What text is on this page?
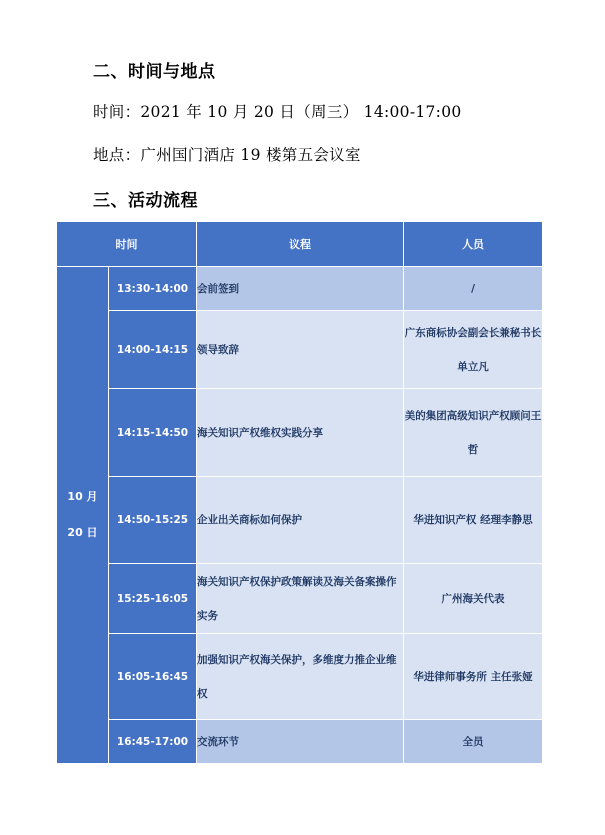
二、时间与地点
时间：2021 年 10 月 20 日（周三） 14:00-17:00
地点：广州国门酒店 19 楼第五会议室
三、活动流程
时间		议程	人员

10 月
20 日	13:30-14:00	会前签到	/
	14:00-14:15	领导致辞	广东商标协会副会长兼秘书长 单立凡
	14:15-14:50	海关知识产权维权实践分享	美的集团高级知识产权顾问王哲
	14:50-15:25	企业出关商标如何保护	华进知识产权 经理李静思
	15:25-16:05	海关知识产权保护政策解读及海关备案操作实务	广州海关代表
	16:05-16:45	加强知识产权海关保护，多维度力推企业维权	华进律师事务所 主任张娅
	16:45-17:00	交流环节	全员
